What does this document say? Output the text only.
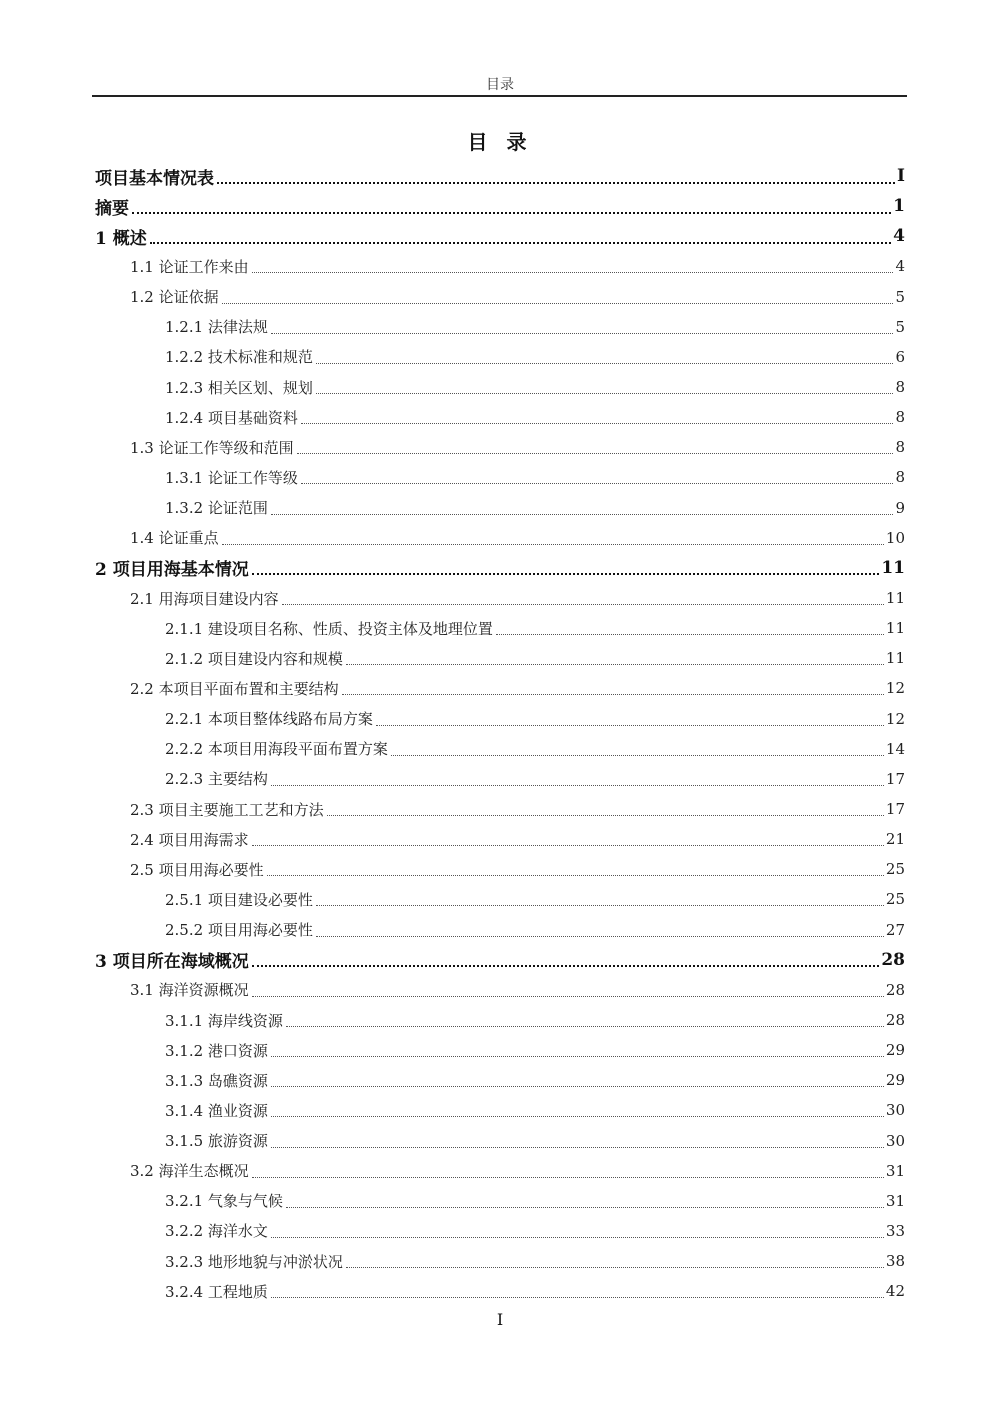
目录
目 录
项目基本情况表	I
摘要	1
1 概述	4
1.1 论证工作来由	4
1.2 论证依据	5
1.2.1 法律法规	5
1.2.2 技术标准和规范	6
1.2.3 相关区划、规划	8
1.2.4 项目基础资料	8
1.3 论证工作等级和范围	8
1.3.1 论证工作等级	8
1.3.2 论证范围	9
1.4 论证重点	10
2 项目用海基本情况	11
2.1 用海项目建设内容	11
2.1.1 建设项目名称、性质、投资主体及地理位置	11
2.1.2 项目建设内容和规模	11
2.2 本项目平面布置和主要结构	12
2.2.1 本项目整体线路布局方案	12
2.2.2 本项目用海段平面布置方案	14
2.2.3 主要结构	17
2.3 项目主要施工工艺和方法	17
2.4 项目用海需求	21
2.5 项目用海必要性	25
2.5.1 项目建设必要性	25
2.5.2 项目用海必要性	27
3 项目所在海域概况	28
3.1 海洋资源概况	28
3.1.1 海岸线资源	28
3.1.2 港口资源	29
3.1.3 岛礁资源	29
3.1.4 渔业资源	30
3.1.5 旅游资源	30
3.2 海洋生态概况	31
3.2.1 气象与气候	31
3.2.2 海洋水文	33
3.2.3 地形地貌与冲淤状况	38
3.2.4 工程地质	42
I
